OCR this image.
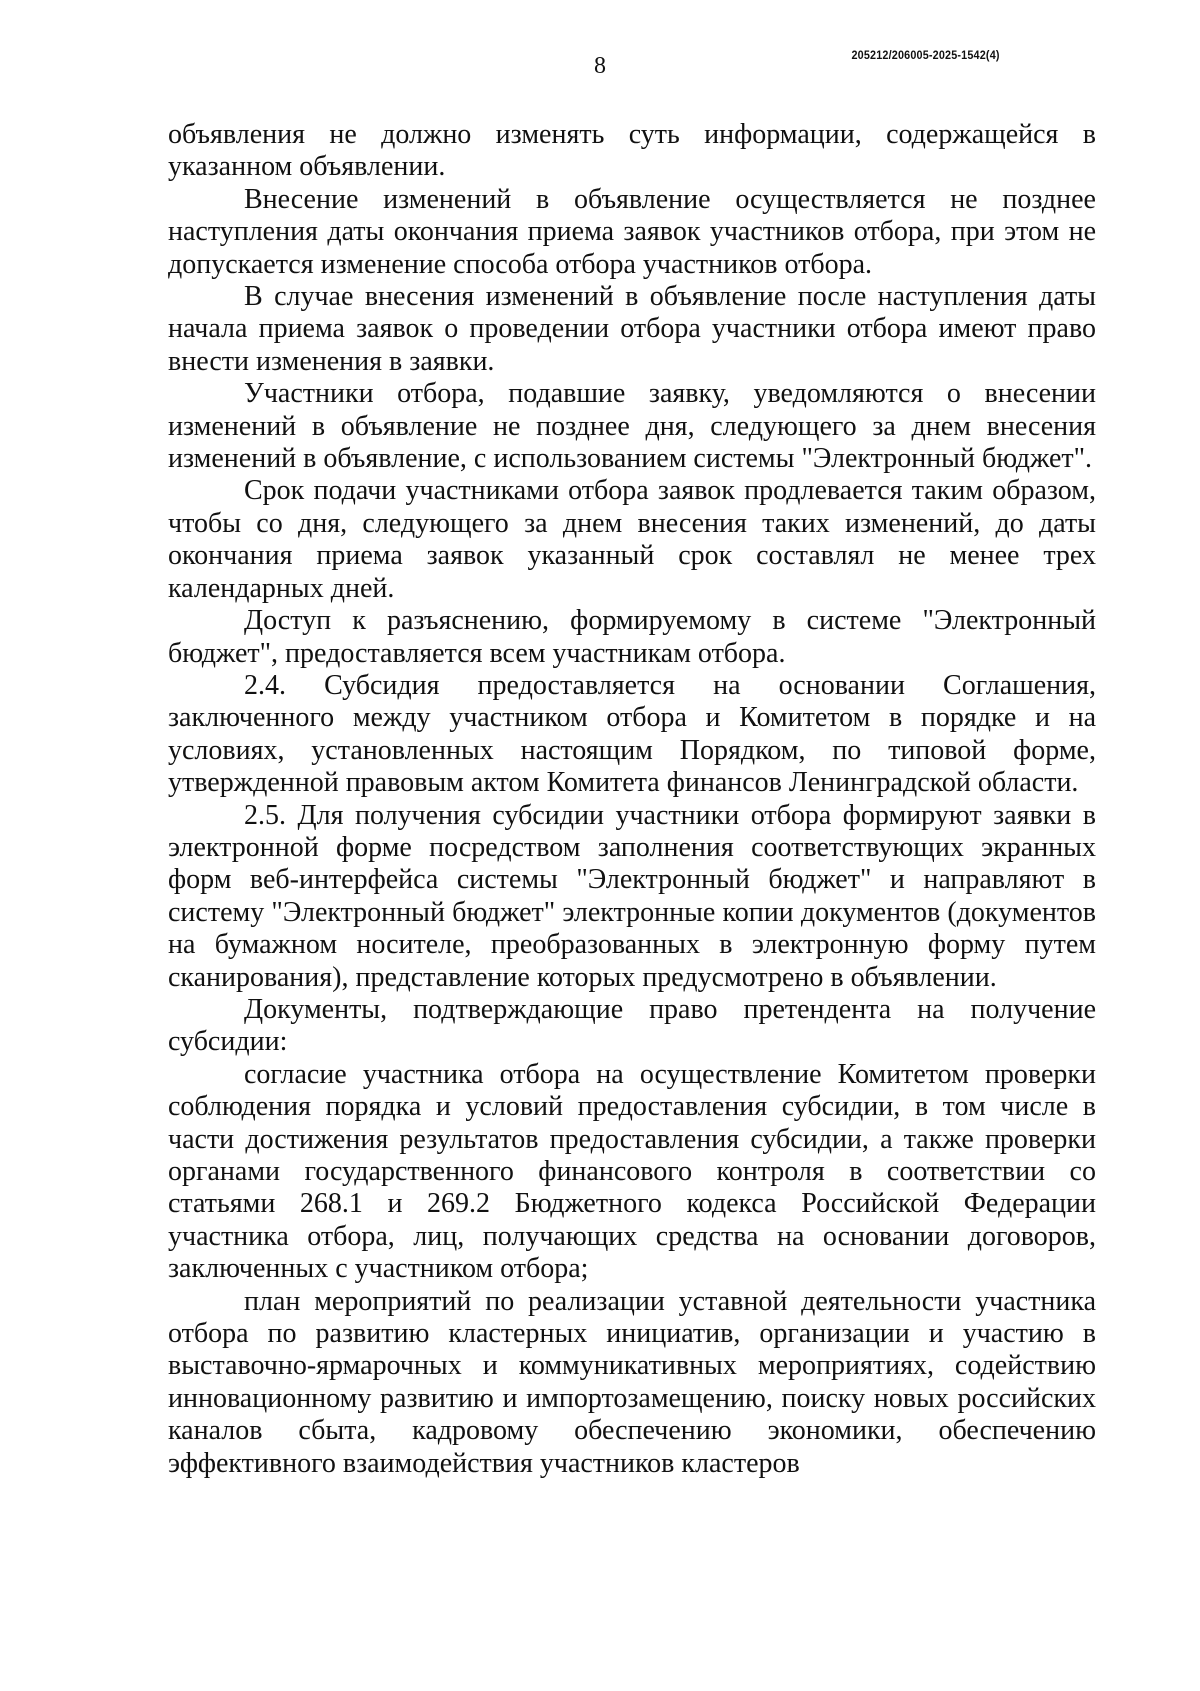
8	205212/206005-2025-1542(4)

объявления не должно изменять суть информации, содержащейся в указанном объявлении.

Внесение изменений в объявление осуществляется не позднее наступления даты окончания приема заявок участников отбора, при этом не допускается изменение способа отбора участников отбора.

В случае внесения изменений в объявление после наступления даты начала приема заявок о проведении отбора участники отбора имеют право внести изменения в заявки.

Участники отбора, подавшие заявку, уведомляются о внесении изменений в объявление не позднее дня, следующего за днем внесения изменений в объявление, с использованием системы "Электронный бюджет".

Срок подачи участниками отбора заявок продлевается таким образом, чтобы со дня, следующего за днем внесения таких изменений, до даты окончания приема заявок указанный срок составлял не менее трех календарных дней.

Доступ к разъяснению, формируемому в системе "Электронный бюджет", предоставляется всем участникам отбора.

2.4. Субсидия предоставляется на основании Соглашения, заключенного между участником отбора и Комитетом в порядке и на условиях, установленных настоящим Порядком, по типовой форме, утвержденной правовым актом Комитета финансов Ленинградской области.

2.5. Для получения субсидии участники отбора формируют заявки в электронной форме посредством заполнения соответствующих экранных форм веб-интерфейса системы "Электронный бюджет" и направляют в систему "Электронный бюджет" электронные копии документов (документов на бумажном носителе, преобразованных в электронную форму путем сканирования), представление которых предусмотрено в объявлении.

Документы, подтверждающие право претендента на получение субсидии:

согласие участника отбора на осуществление Комитетом проверки соблюдения порядка и условий предоставления субсидии, в том числе в части достижения результатов предоставления субсидии, а также проверки органами государственного финансового контроля в соответствии со статьями 268.1 и 269.2 Бюджетного кодекса Российской Федерации участника отбора, лиц, получающих средства на основании договоров, заключенных с участником отбора;

план мероприятий по реализации уставной деятельности участника отбора по развитию кластерных инициатив, организации и участию в выставочно-ярмарочных и коммуникативных мероприятиях, содействию инновационному развитию и импортозамещению, поиску новых российских каналов сбыта, кадровому обеспечению экономики, обеспечению эффективного взаимодействия участников кластеров
